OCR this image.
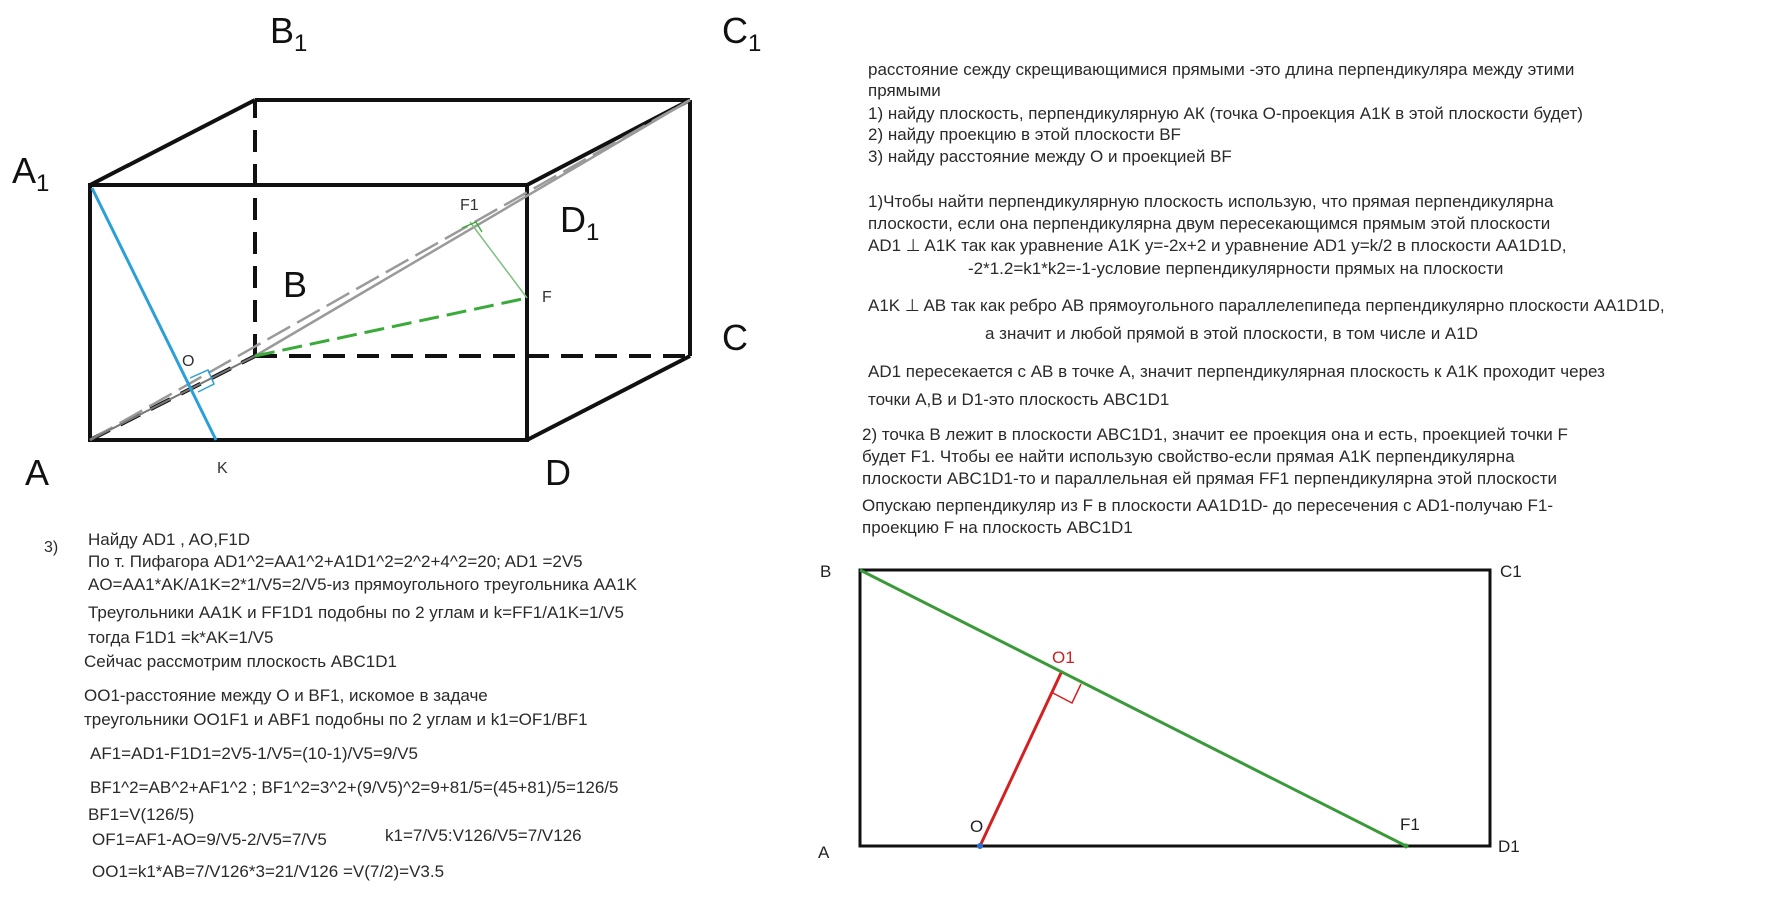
$A_1$
$B_1$	$C_1$
$D_1$
B
C
A	D
F
F1
O
K
B	C1
A	D1
O
O1
F1
расстояние сежду скрещивающимися прямыми -это длина перпендикуляра между этими
прямыми
1) найду плоскость, перпендикулярную АК (точка О-проекция А1К в этой плоскости будет)
2) найду проекцию в этой плоскости BF
3) найду расстояние между О и проекцией BF
1)Чтобы найти перпендикулярную плоскость использую, что прямая перпендикулярна
плоскости, если она перпендикулярна двум пересекающимся прямым этой плоскости
AD1 ⊥ A1K так как уравнение A1K y=-2x+2 и уравнение AD1 y=k/2 в плоскости АA1D1D,
-2*1.2=k1*k2=-1-условие перпендикулярности прямых на плоскости
A1K ⊥ AB так как ребро АВ прямоугольного параллелепипеда перпендикулярно плоскости AA1D1D,
а значит и любой прямой в этой плоскости, в том числе и A1D
AD1 пересекается с AB в точке А, значит перпендикулярная плоскость к A1K проходит через
точки A,B и D1-это плоскость ABC1D1
2) точка В лежит в плоскости ABC1D1, значит ее проекция она и есть, проекцией точки F
будет F1. Чтобы ее найти использую свойство-если прямая A1K перпендикулярна
плоскости ABC1D1-то и параллельная ей прямая FF1 перпендикулярна этой плоскости
Опускаю перпендикуляр из F в плоскости AA1D1D- до пересечения с AD1-получаю F1-
проекцию F на плоскость ABC1D1
3) Найду AD1 , AO,F1D
По т. Пифагора AD1^2=AA1^2+A1D1^2=2^2+4^2=20; AD1 =2V5
AO=AA1*AK/A1K=2*1/V5=2/V5-из прямоугольного треугольника AA1K
Треугольники AA1K и FF1D1 подобны по 2 углам и k=FF1/A1K=1/V5
тогда F1D1 =k*AK=1/V5
Сейчас рассмотрим плоскость ABC1D1
OO1-расстояние между О и BF1, искомое в задаче
треугольники OO1F1 и ABF1 подобны по 2 углам и k1=OF1/BF1
AF1=AD1-F1D1=2V5-1/V5=(10-1)/V5=9/V5
BF1^2=AB^2+AF1^2 ; BF1^2=3^2+(9/V5)^2=9+81/5=(45+81)/5=126/5
BF1=V(126/5)
OF1=AF1-AO=9/V5-2/V5=7/V5	k1=7/V5:V126/V5=7/V126
OO1=k1*AB=7/V126*3=21/V126 =V(7/2)=V3.5
